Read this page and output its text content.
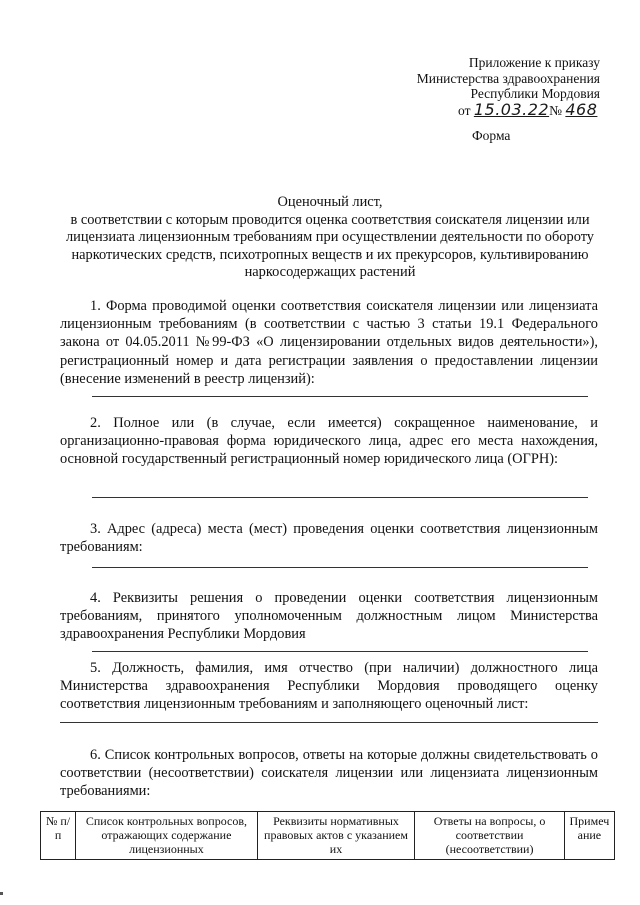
Приложение к приказу
Министерства здравоохранения
Республики Мордовия
от 15.03.22№ 468
Форма
Оценочный лист,
в соответствии с которым проводится оценка соответствия соискателя лицензии или лицензиата лицензионным требованиям при осуществлении деятельности по обороту наркотических средств, психотропных веществ и их прекурсоров, культивированию наркосодержащих растений
1. Форма проводимой оценки соответствия соискателя лицензии или лицензиата лицензионным требованиям (в соответствии с частью 3 статьи 19.1 Федерального закона от 04.05.2011 №99-ФЗ «О лицензировании отдельных видов деятельности»), регистрационный номер и дата регистрации заявления о предоставлении лицензии (внесение изменений в реестр лицензий):
2. Полное или (в случае, если имеется) сокращенное наименование, и организационно-правовая форма юридического лица, адрес его места нахождения, основной государственный регистрационный номер юридического лица (ОГРН):
3. Адрес (адреса) места (мест) проведения оценки соответствия лицензионным требованиям:
4. Реквизиты решения о проведении оценки соответствия лицензионным требованиям, принятого уполномоченным должностным лицом Министерства здравоохранения Республики Мордовия
5. Должность, фамилия, имя отчество (при наличии) должностного лица Министерства здравоохранения Республики Мордовия проводящего оценку соответствия лицензионным требованиям и заполняющего оценочный лист:
6. Список контрольных вопросов, ответы на которые должны свидетельствовать о соответствии (несоответствии) соискателя лицензии или лицензиата лицензионным требованиями:
№ п/п	Список контрольных вопросов, отражающих содержание лицензионных	Реквизиты нормативных правовых актов с указанием их	Ответы на вопросы, о соответствии (несоответствии)	Примеч ание
